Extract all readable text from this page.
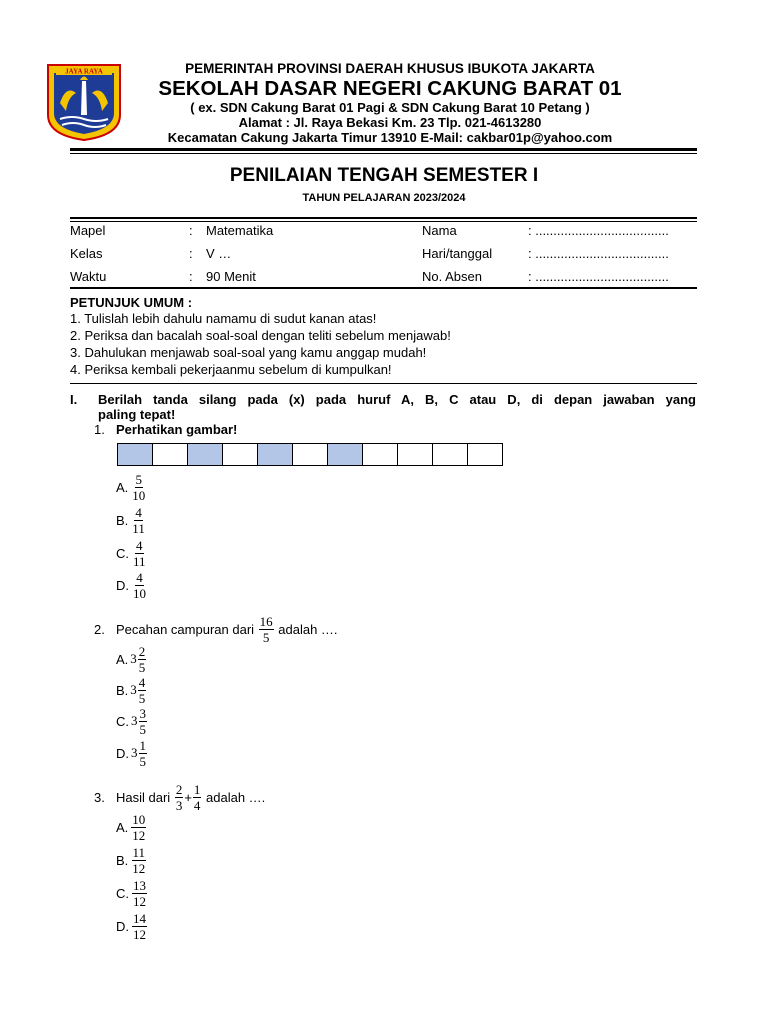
JAYA RAYA	PEMERINTAH PROVINSI DAERAH KHUSUS IBUKOTA JAKARTA
SEKOLAH DASAR NEGERI CAKUNG BARAT 01
( ex. SDN Cakung Barat 01 Pagi & SDN Cakung Barat 10 Petang )
Alamat : Jl. Raya Bekasi Km. 23 Tlp. 021-4613280
Kecamatan Cakung Jakarta Timur 13910 E-Mail: cakbar01p@yahoo.com
PENILAIAN TENGAH SEMESTER I
TAHUN PELAJARAN 2023/2024
Mapel	: Matematika
Kelas	: V …
Waktu	: 90 Menit
Nama	: .....................................
Hari/tanggal	: .....................................
No. Absen	: .....................................
PETUNJUK UMUM :
1. Tulislah lebih dahulu namamu di sudut kanan atas!
2. Periksa dan bacalah soal-soal dengan teliti sebelum menjawab!
3. Dahulukan menjawab soal-soal yang kamu anggap mudah!
4. Periksa kembali pekerjaanmu sebelum di kumpulkan!
I. Berilah tanda silang pada (x) pada huruf A, B, C atau D, di depan jawaban yang
paling tepat!
1. Perhatikan gambar!
A. $\frac{5}{10}$
B. $\frac{4}{11}$
C. $\frac{4}{11}$
D. $\frac{4}{10}$
2. Pecahan campuran dari
$\frac{16}{5}$
adalah ….
A. $3 \frac{2}{5}$
B. $3 \frac{4}{5}$
C. $3 \frac{3}{5}$
D. $3 \frac{1}{5}$
3. Hasil dari
$\frac{2}{3} + \frac{1}{4}$
adalah ….
A. $\frac{10}{12}$
B. $\frac{11}{12}$
C. $\frac{13}{12}$
D. $\frac{14}{12}$
